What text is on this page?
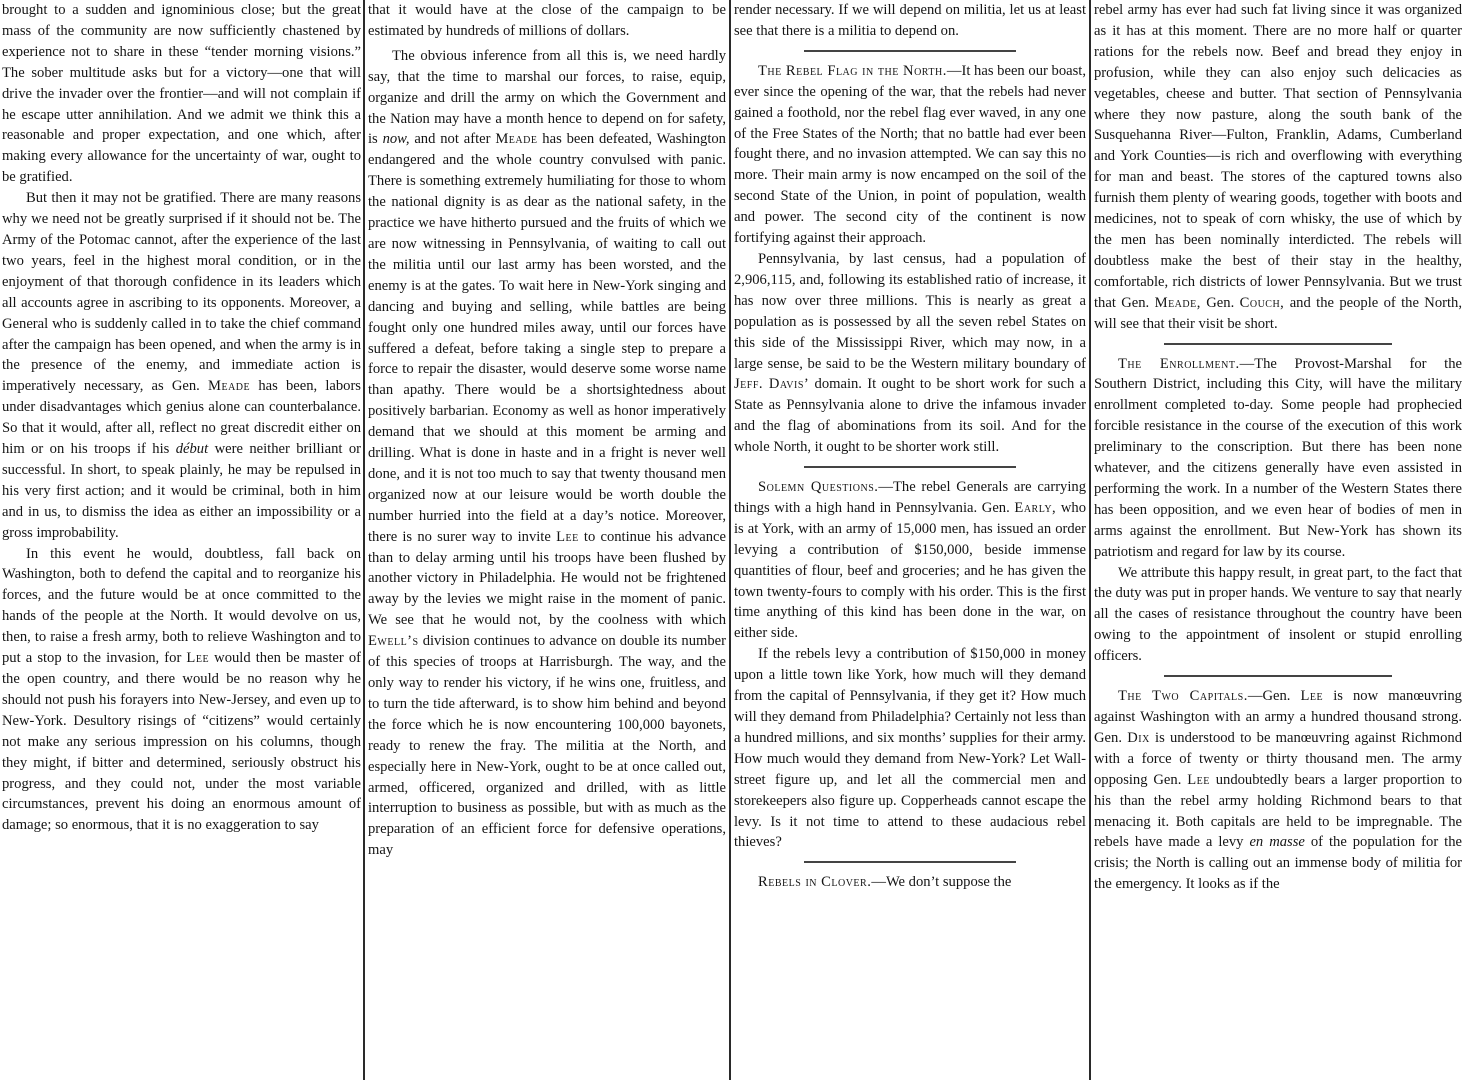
brought to a sudden and ignominious close; but the great mass of the community are now sufficiently chastened by experience not to share in these “tender morning visions.” The sober multitude asks but for a victory—one that will drive the invader over the frontier—and will not complain if he escape utter annihilation. And we admit we think this a reasonable and proper expectation, and one which, after making every allowance for the uncertainty of war, ought to be gratified.

But then it may not be gratified. There are many reasons why we need not be greatly surprised if it should not be. The Army of the Potomac cannot, after the experience of the last two years, feel in the highest moral condition, or in the enjoyment of that thorough confidence in its leaders which all accounts agree in ascribing to its opponents. Moreover, a General who is suddenly called in to take the chief command after the campaign has been opened, and when the army is in the presence of the enemy, and immediate action is imperatively necessary, as Gen. Meade has been, labors under disadvantages which genius alone can counterbalance. So that it would, after all, reflect no great discredit either on him or on his troops if his début were neither brilliant or successful. In short, to speak plainly, he may be repulsed in his very first action; and it would be criminal, both in him and in us, to dismiss the idea as either an impossibility or a gross improbability.

In this event he would, doubtless, fall back on Washington, both to defend the capital and to reorganize his forces, and the future would be at once committed to the hands of the people at the North. It would devolve on us, then, to raise a fresh army, both to relieve Washington and to put a stop to the invasion, for Lee would then be master of the open country, and there would be no reason why he should not push his forayers into New-Jersey, and even up to New-York. Desultory risings of “citizens” would certainly not make any serious impression on his columns, though they might, if bitter and determined, seriously obstruct his progress, and they could not, under the most variable circumstances, prevent his doing an enormous amount of damage; so enormous, that it is no exaggeration to say

that it would have at the close of the campaign to be estimated by hundreds of millions of dollars.

The obvious inference from all this is, we need hardly say, that the time to marshal our forces, to raise, equip, organize and drill the army on which the Government and the Nation may have a month hence to depend on for safety, is now, and not after Meade has been defeated, Washington endangered and the whole country convulsed with panic. There is something extremely humiliating for those to whom the national dignity is as dear as the national safety, in the practice we have hitherto pursued and the fruits of which we are now witnessing in Pennsylvania, of waiting to call out the militia until our last army has been worsted, and the enemy is at the gates. To wait here in New-York singing and dancing and buying and selling, while battles are being fought only one hundred miles away, until our forces have suffered a defeat, before taking a single step to prepare a force to repair the disaster, would deserve some worse name than apathy. There would be a shortsightedness about positively barbarian. Economy as well as honor imperatively demand that we should at this moment be arming and drilling. What is done in haste and in a fright is never well done, and it is not too much to say that twenty thousand men organized now at our leisure would be worth double the number hurried into the field at a day’s notice. Moreover, there is no surer way to invite Lee to continue his advance than to delay arming until his troops have been flushed by another victory in Philadelphia. He would not be frightened away by the levies we might raise in the moment of panic. We see that he would not, by the coolness with which Ewell’s division continues to advance on double its number of this species of troops at Harrisburgh. The way, and the only way to render his victory, if he wins one, fruitless, and to turn the tide afterward, is to show him behind and beyond the force which he is now encountering 100,000 bayonets, ready to renew the fray. The militia at the North, and especially here in New-York, ought to be at once called out, armed, officered, organized and drilled, with as little interruption to business as possible, but with as much as the preparation of an efficient force for defensive operations, may

render necessary. If we will depend on militia, let us at least see that there is a militia to depend on.

The Rebel Flag in the North.—It has been our boast, ever since the opening of the war, that the rebels had never gained a foothold, nor the rebel flag ever waved, in any one of the Free States of the North; that no battle had ever been fought there, and no invasion attempted. We can say this no more. Their main army is now encamped on the soil of the second State of the Union, in point of population, wealth and power. The second city of the continent is now fortifying against their approach.

Pennsylvania, by last census, had a population of 2,906,115, and, following its established ratio of increase, it has now over three millions. This is nearly as great a population as is possessed by all the seven rebel States on this side of the Mississippi River, which may now, in a large sense, be said to be the Western military boundary of Jeff. Davis’ domain. It ought to be short work for such a State as Pennsylvania alone to drive the infamous invader and the flag of abominations from its soil. And for the whole North, it ought to be shorter work still.

Solemn Questions.—The rebel Generals are carrying things with a high hand in Pennsylvania. Gen. Early, who is at York, with an army of 15,000 men, has issued an order levying a contribution of $150,000, beside immense quantities of flour, beef and groceries; and he has given the town twenty-fours to comply with his order. This is the first time anything of this kind has been done in the war, on either side.

If the rebels levy a contribution of $150,000 in money upon a little town like York, how much will they demand from the capital of Pennsylvania, if they get it? How much will they demand from Philadelphia? Certainly not less than a hundred millions, and six months’ supplies for their army. How much would they demand from New-York? Let Wall-street figure up, and let all the commercial men and storekeepers also figure up. Copperheads cannot escape the levy. Is it not time to attend to these audacious rebel thieves?

Rebels in Clover.—We don’t suppose the

rebel army has ever had such fat living since it was organized as it has at this moment. There are no more half or quarter rations for the rebels now. Beef and bread they enjoy in profusion, while they can also enjoy such delicacies as vegetables, cheese and butter. That section of Pennsylvania where they now pasture, along the south bank of the Susquehanna River—Fulton, Franklin, Adams, Cumberland and York Counties—is rich and overflowing with everything for man and beast. The stores of the captured towns also furnish them plenty of wearing goods, together with boots and medicines, not to speak of corn whisky, the use of which by the men has been nominally interdicted. The rebels will doubtless make the best of their stay in the healthy, comfortable, rich districts of lower Pennsylvania. But we trust that Gen. Meade, Gen. Couch, and the people of the North, will see that their visit be short.

The Enrollment.—The Provost-Marshal for the Southern District, including this City, will have the military enrollment completed to-day. Some people had prophecied forcible resistance in the course of the execution of this work preliminary to the conscription. But there has been none whatever, and the citizens generally have even assisted in performing the work. In a number of the Western States there has been opposition, and we even hear of bodies of men in arms against the enrollment. But New-York has shown its patriotism and regard for law by its course.

We attribute this happy result, in great part, to the fact that the duty was put in proper hands. We venture to say that nearly all the cases of resistance throughout the country have been owing to the appointment of insolent or stupid enrolling officers.

The Two Capitals.—Gen. Lee is now manœuvring against Washington with an army a hundred thousand strong. Gen. Dix is understood to be manœuvring against Richmond with a force of twenty or thirty thousand men. The army opposing Gen. Lee undoubtedly bears a larger proportion to his than the rebel army holding Richmond bears to that menacing it. Both capitals are held to be impregnable. The rebels have made a levy en masse of the population for the crisis; the North is calling out an immense body of militia for the emergency. It looks as if the
